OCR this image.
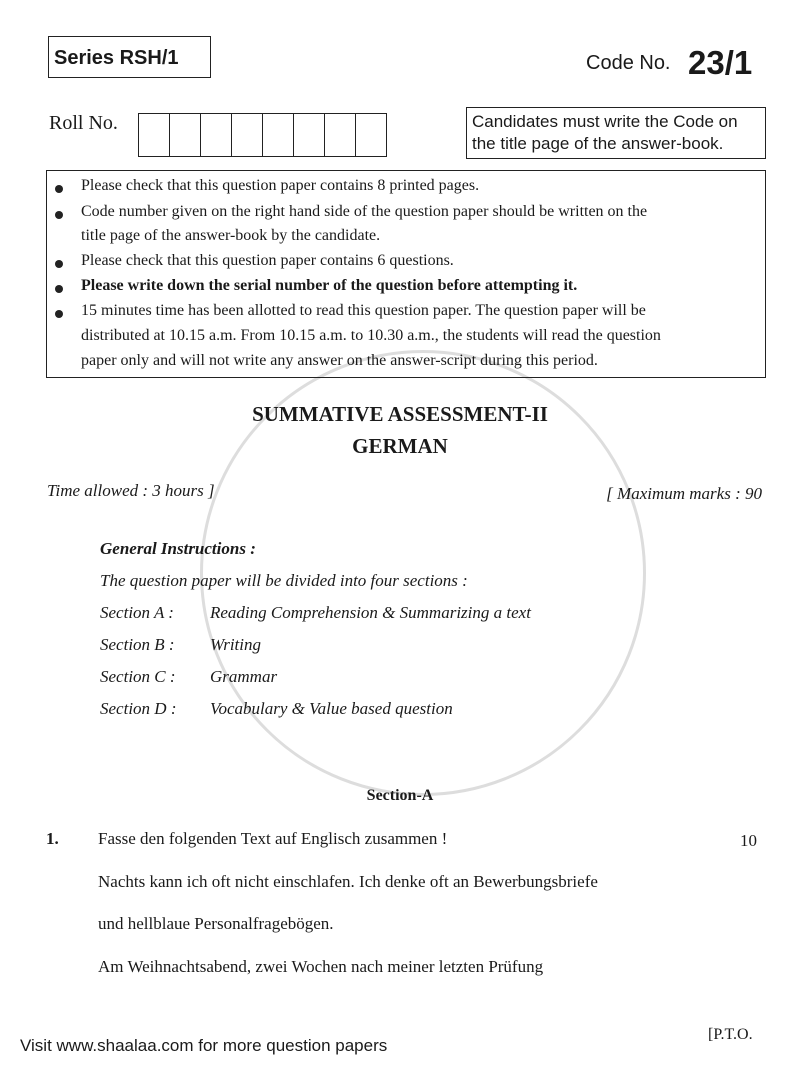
Series RSH/1	Code No. 23/1
Roll No.	Candidates must write the Code on the title page of the answer-book.
Please check that this question paper contains 8 printed pages.
Code number given on the right hand side of the question paper should be written on the
title page of the answer-book by the candidate.
Please check that this question paper contains 6 questions.
Please write down the serial number of the question before attempting it.
15 minutes time has been allotted to read this question paper. The question paper will be
distributed at 10.15 a.m. From 10.15 a.m. to 10.30 a.m., the students will read the question
paper only and will not write any answer on the answer-script during this period.
SUMMATIVE ASSESSMENT-II
GERMAN
Time allowed : 3 hours ]	[ Maximum marks : 90
General Instructions :
The question paper will be divided into four sections :
Section A : Reading Comprehension & Summarizing a text
Section B : Writing
Section C : Grammar
Section D : Vocabulary & Value based question
Section-A
1. Fasse den folgenden Text auf Englisch zusammen !	10
Nachts kann ich oft nicht einschlafen. Ich denke oft an Bewerbungsbriefe
und hellblaue Personalfragebögen.
Am Weihnachtsabend, zwei Wochen nach meiner letzten Prüfung
Visit www.shaalaa.com for more question papers
[P.T.O.
